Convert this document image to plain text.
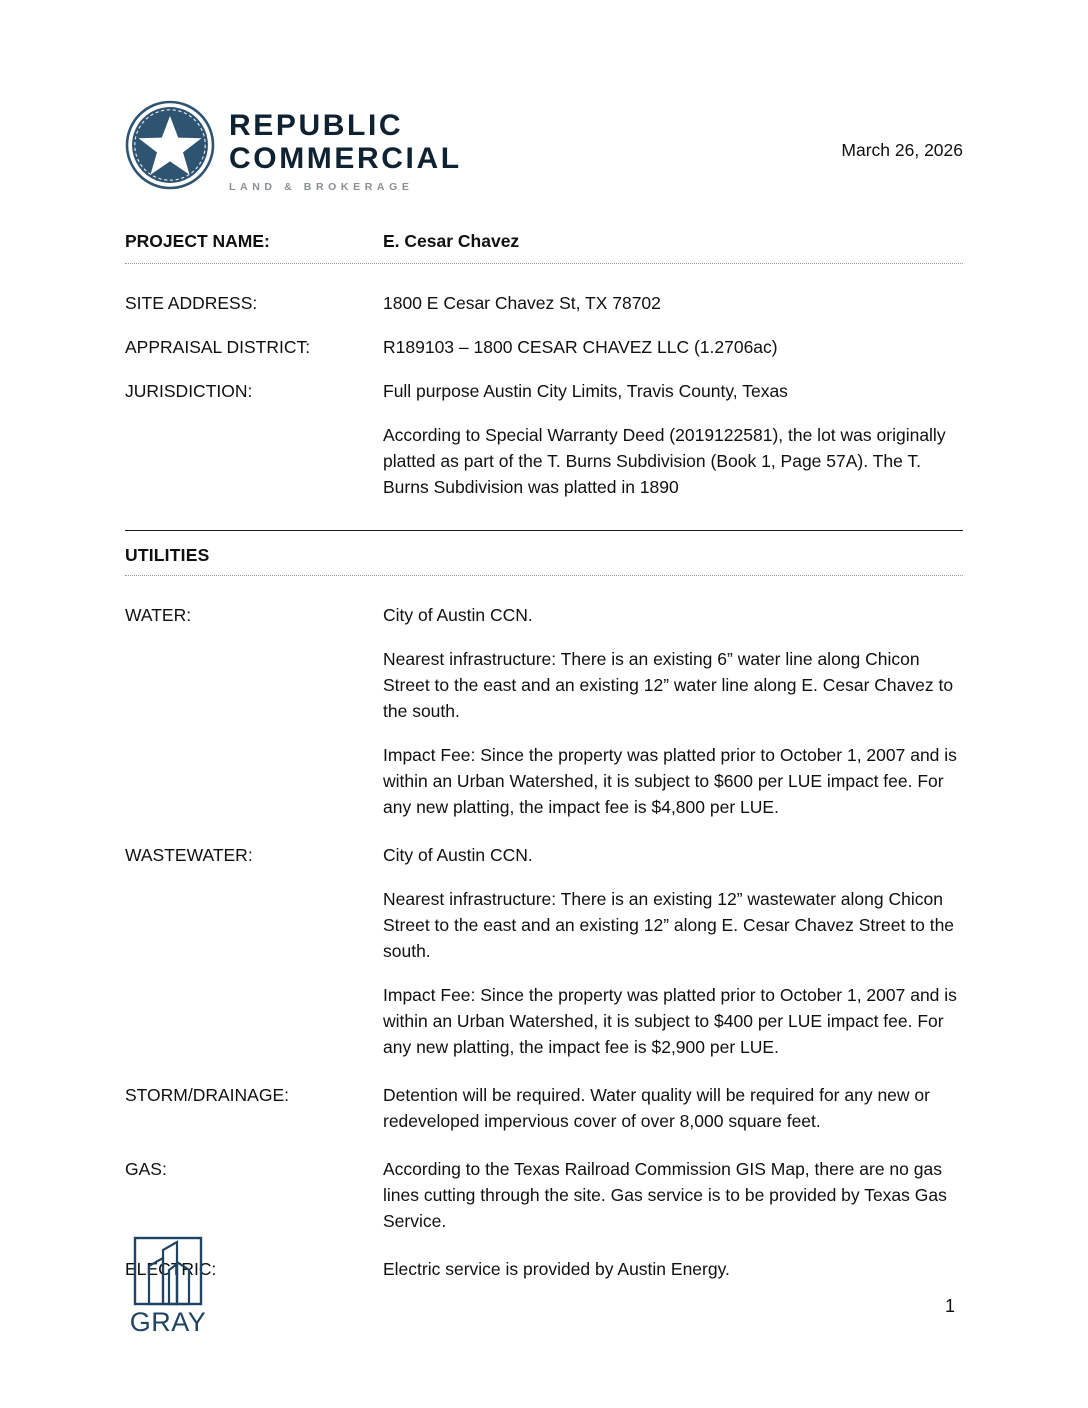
REPUBLIC
COMMERCIAL
LAND & BROKERAGE
March 26, 2026
PROJECT NAME:	E. Cesar Chavez
SITE ADDRESS:	1800 E Cesar Chavez St, TX 78702
APPRAISAL DISTRICT:	R189103 – 1800 CESAR CHAVEZ LLC (1.2706ac)
JURISDICTION:	Full purpose Austin City Limits, Travis County, Texas

According to Special Warranty Deed (2019122581), the lot was originally platted as part of the T. Burns Subdivision (Book 1, Page 57A). The T. Burns Subdivision was platted in 1890

UTILITIES
WATER:	City of Austin CCN.

Nearest infrastructure: There is an existing 6” water line along Chicon Street to the east and an existing 12” water line along E. Cesar Chavez to the south.

Impact Fee: Since the property was platted prior to October 1, 2007 and is within an Urban Watershed, it is subject to $600 per LUE impact fee. For any new platting, the impact fee is $4,800 per LUE.

WASTEWATER:	City of Austin CCN.

Nearest infrastructure: There is an existing 12” wastewater along Chicon Street to the east and an existing 12” along E. Cesar Chavez Street to the south.

Impact Fee: Since the property was platted prior to October 1, 2007 and is within an Urban Watershed, it is subject to $400 per LUE impact fee. For any new platting, the impact fee is $2,900 per LUE.

STORM/DRAINAGE:	Detention will be required. Water quality will be required for any new or redeveloped impervious cover of over 8,000 square feet.

GAS:	According to the Texas Railroad Commission GIS Map, there are no gas lines cutting through the site. Gas service is to be provided by Texas Gas Service.

ELECTRIC:	Electric service is provided by Austin Energy.

GRAY
1
